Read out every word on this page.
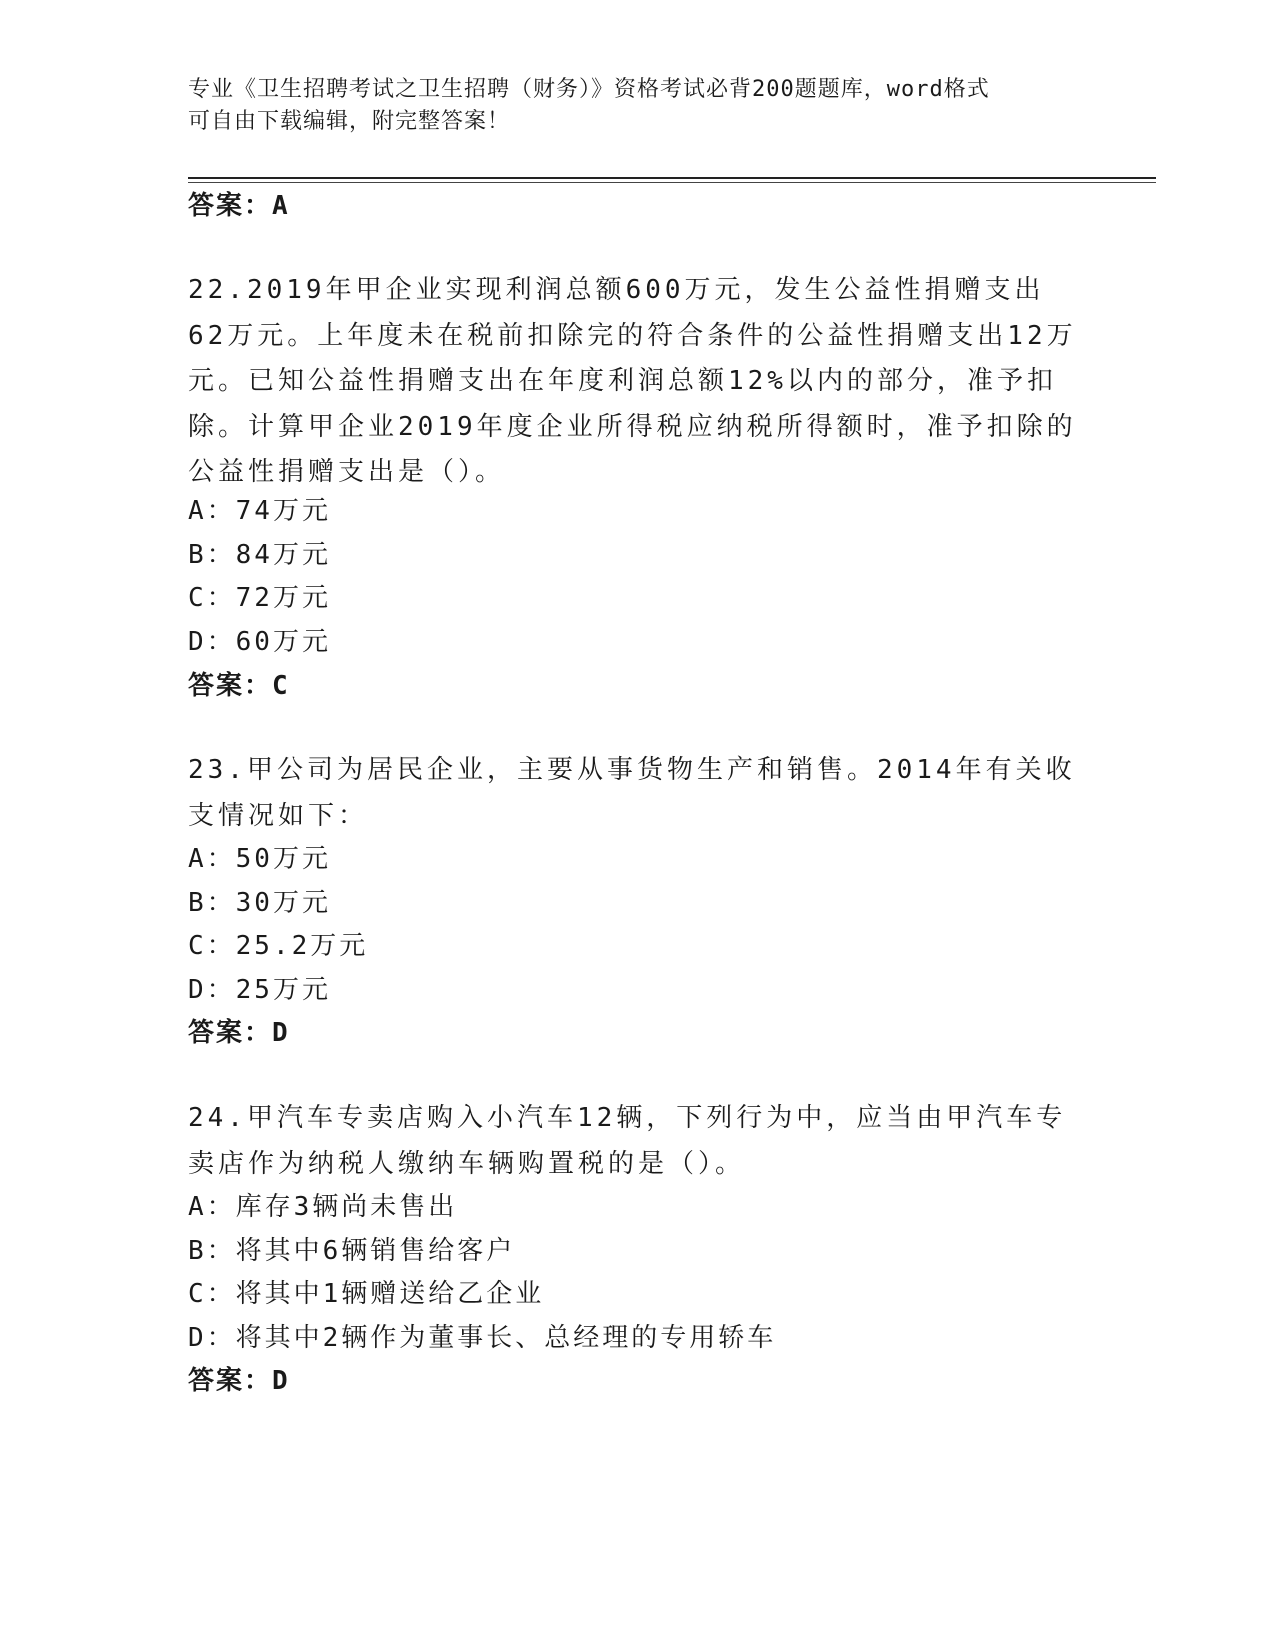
专业《卫生招聘考试之卫生招聘（财务）》资格考试必背200题题库，word格式
可自由下载编辑，附完整答案！
答案：A
22.2019年甲企业实现利润总额600万元，发生公益性捐赠支出62万元。上年度未在税前扣除完的符合条件的公益性捐赠支出12万元。已知公益性捐赠支出在年度利润总额12%以内的部分，准予扣除。计算甲企业2019年度企业所得税应纳税所得额时，准予扣除的公益性捐赠支出是（）。
A：74万元
B：84万元
C：72万元
D：60万元
答案：C
23.甲公司为居民企业，主要从事货物生产和销售。2014年有关收支情况如下：
A：50万元
B：30万元
C：25.2万元
D：25万元
答案：D
24.甲汽车专卖店购入小汽车12辆，下列行为中，应当由甲汽车专卖店作为纳税人缴纳车辆购置税的是（）。
A：库存3辆尚未售出
B：将其中6辆销售给客户
C：将其中1辆赠送给乙企业
D：将其中2辆作为董事长、总经理的专用轿车
答案：D
